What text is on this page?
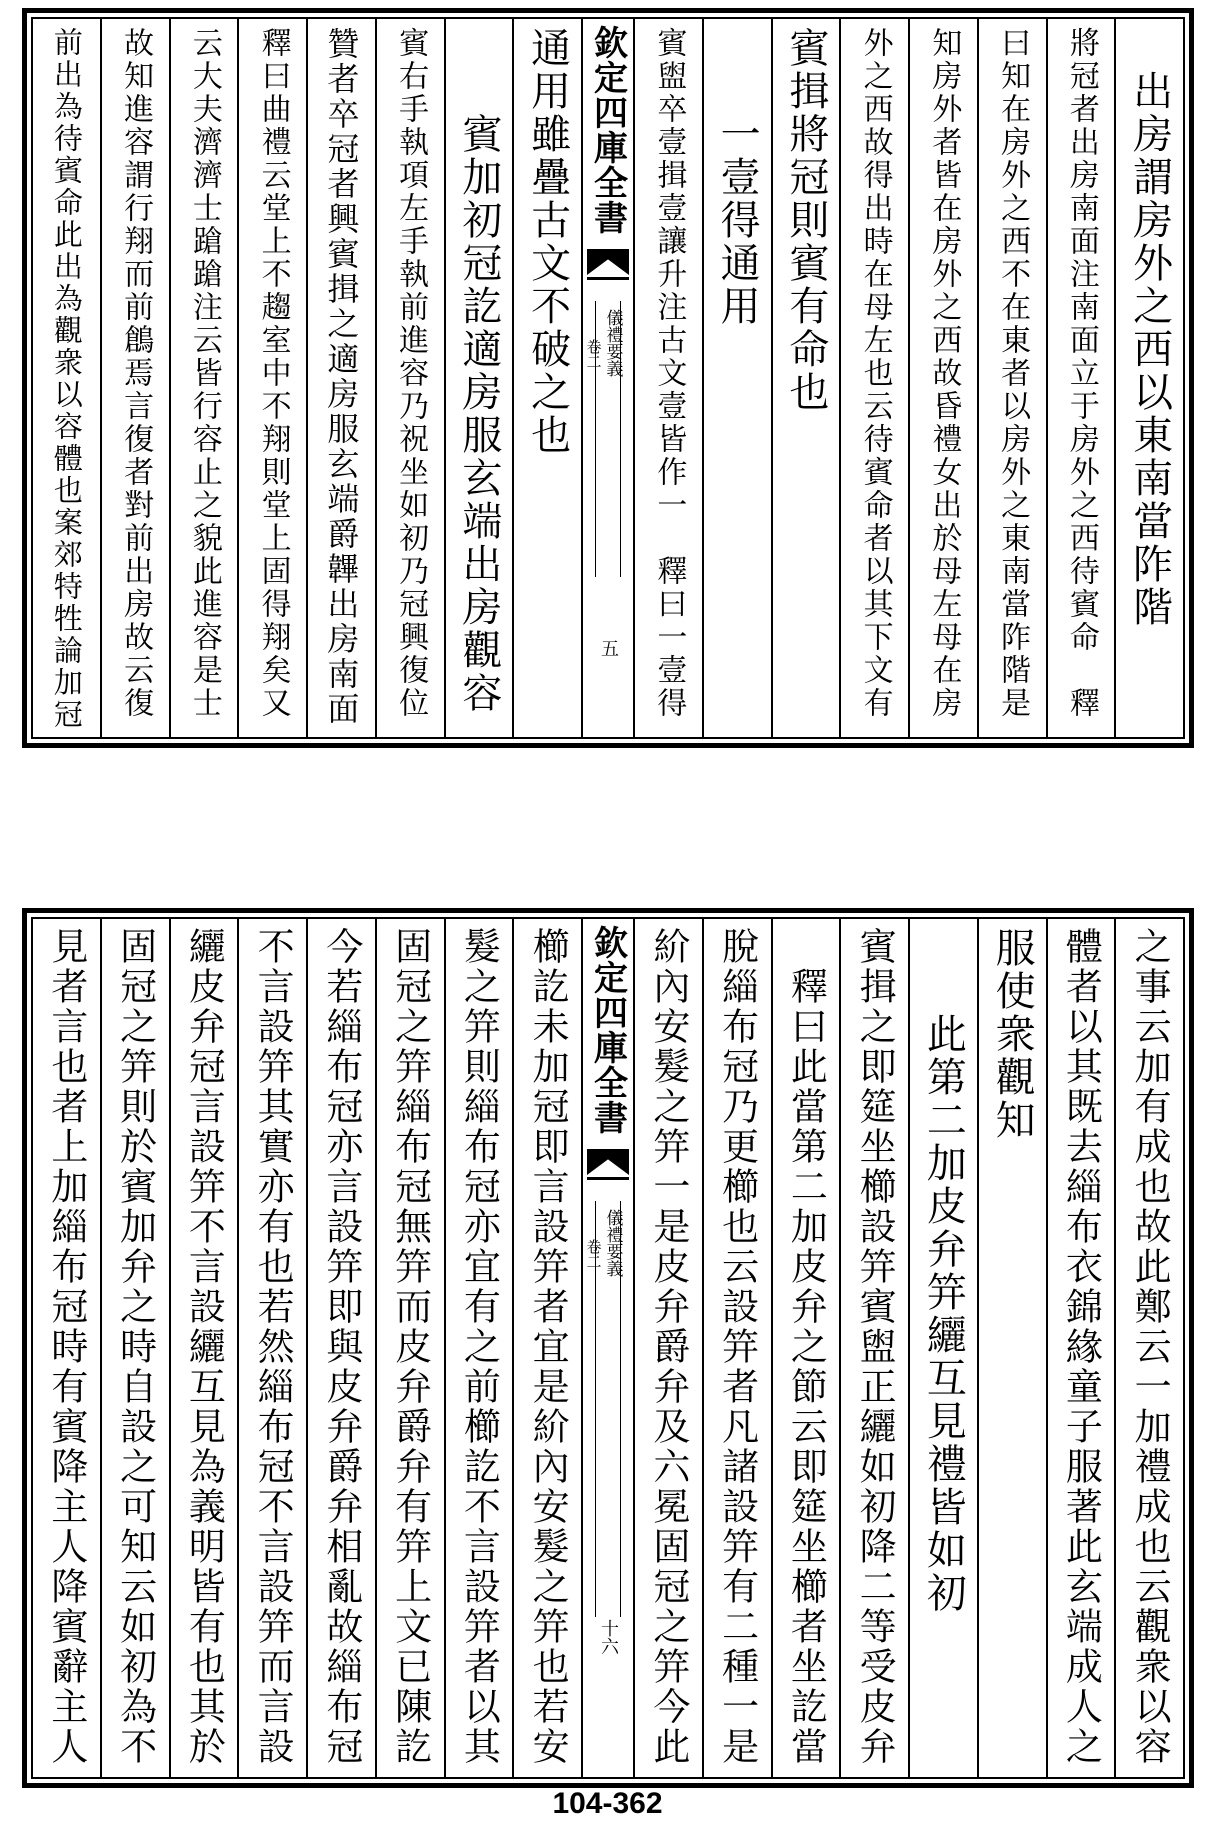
　出房謂房外之西以東南當阼階
將冠者出房南面注南面立于房外之西待賓命　釋
曰知在房外之西不在東者以房外之東南當阼階是
知房外者皆在房外之西故昏禮女出於母左母在房
外之西故得出時在母左也云待賓命者以其下文有
賓揖將冠則賓有命也
　　一壹得通用
賓盥卒壹揖壹讓升注古文壹皆作一　釋曰一壹得
欽定四庫全書
儀禮要義
卷二
五
通用雖疊古文不破之也
　　賓加初冠訖適房服玄端出房觀容
賓右手執項左手執前進容乃祝坐如初乃冠興復位
贊者卒冠者興賓揖之適房服玄端爵韠出房南面
釋曰曲禮云堂上不趨室中不翔則堂上固得翔矣又
云大夫濟濟士蹌蹌注云皆行容止之貌此進容是士
故知進容謂行翔而前鶬焉言復者對前出房故云復
前出為待賓命此出為觀衆以容體也案郊特牲論加冠
之事云加有成也故此鄭云一加禮成也云觀衆以容
體者以其既去緇布衣錦緣童子服著此玄端成人之
服使衆觀知
　　此第二加皮弁笄纚互見禮皆如初
賓揖之即筵坐櫛設笄賓盥正纚如初降二等受皮弁
　釋曰此當第二加皮弁之節云即筵坐櫛者坐訖當
脫緇布冠乃更櫛也云設笄者凡諸設笄有二種一是
紒內安髮之笄一是皮弁爵弁及六冕固冠之笄今此
欽定四庫全書
儀禮要義
卷二
十六
櫛訖未加冠即言設笄者宜是紒內安髮之笄也若安
髮之笄則緇布冠亦宜有之前櫛訖不言設笄者以其
固冠之笄緇布冠無笄而皮弁爵弁有笄上文已陳訖
今若緇布冠亦言設笄即與皮弁爵弁相亂故緇布冠
不言設笄其實亦有也若然緇布冠不言設笄而言設
纚皮弁冠言設笄不言設纚互見為義明皆有也其於
固冠之笄則於賓加弁之時自設之可知云如初為不
見者言也者上加緇布冠時有賓降主人降賓辭主人
104-362
